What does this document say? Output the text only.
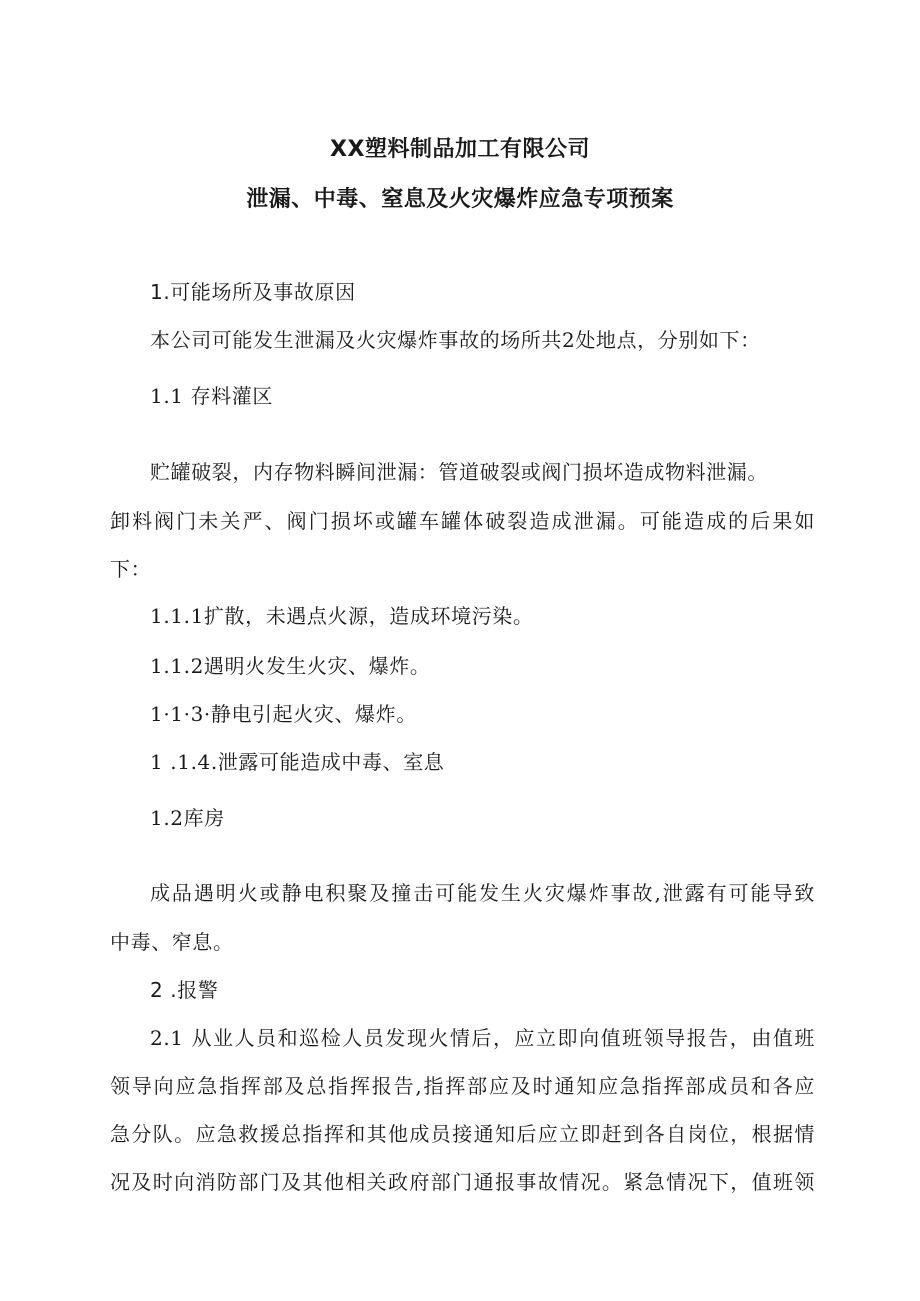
XX塑料制品加工有限公司
泄漏、中毒、窒息及火灾爆炸应急专项预案
1.可能场所及事故原因
本公司可能发生泄漏及火灾爆炸事故的场所共2处地点，分别如下：
1.1 存料灌区
贮罐破裂，内存物料瞬间泄漏：管道破裂或阀门损坏造成物料泄漏。
卸料阀门未关严、阀门损坏或罐车罐体破裂造成泄漏。可能造成的后果如
下：
1.1.1扩散，未遇点火源，造成环境污染。
1.1.2遇明火发生火灾、爆炸。
1·1·3·静电引起火灾、爆炸。
1 .1.4.泄露可能造成中毒、室息
1.2库房
成品遇明火或静电积聚及撞击可能发生火灾爆炸事故,泄露有可能导致
中毒、窄息。
2 .报警
2.1 从业人员和巡检人员发现火情后，应立即向值班领导报告，由值班
领导向应急指挥部及总指挥报告,指挥部应及时通知应急指挥部成员和各应
急分队。应急救援总指挥和其他成员接通知后应立即赶到各自岗位，根据情
况及时向消防部门及其他相关政府部门通报事故情况。紧急情况下，值班领
